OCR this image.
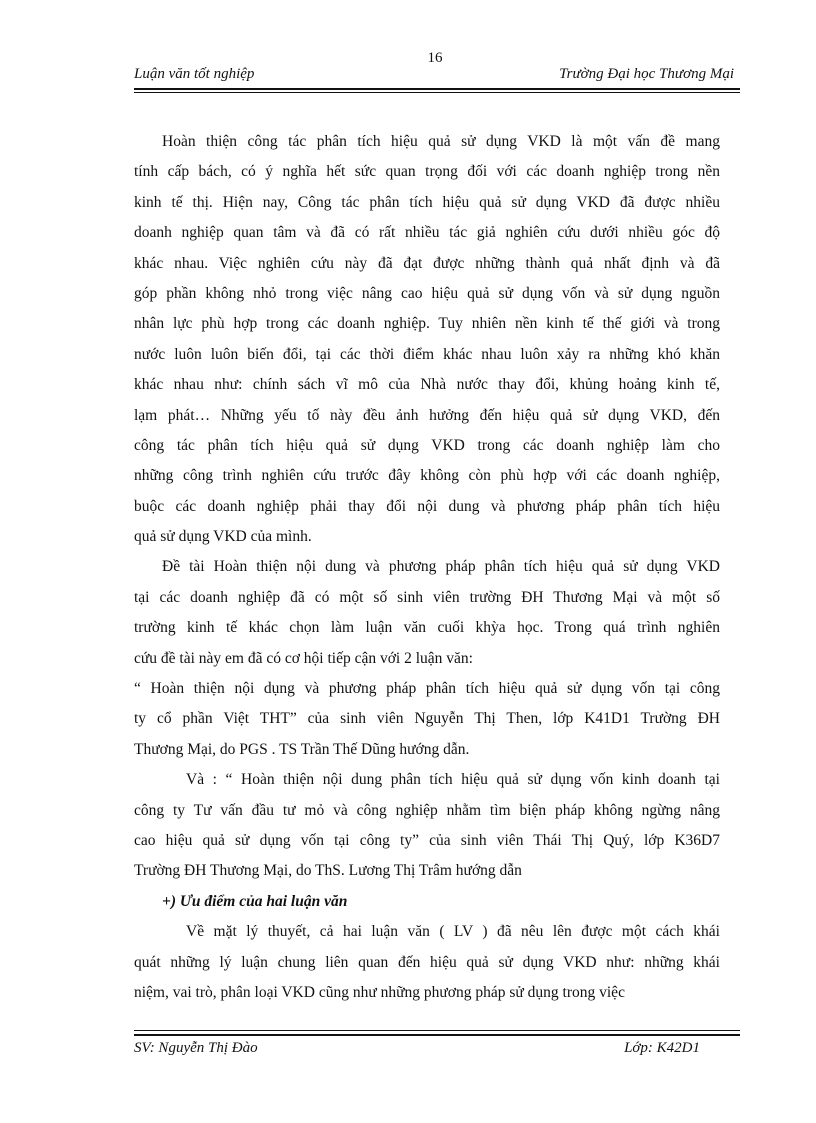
16
Luận văn tốt nghiệp	Trường Đại học Thương Mại
Hoàn thiện công tác phân tích hiệu quả sử dụng VKD là một vấn đề mang
tính cấp bách, có ý nghĩa hết sức quan trọng đối với các doanh nghiệp trong nền
kinh tế thị. Hiện nay, Công tác phân tích hiệu quả sử dụng VKD đã được nhiều
doanh nghiệp quan tâm và đã có rất nhiều tác giả nghiên cứu dưới nhiều góc độ
khác nhau. Việc nghiên cứu này đã đạt được những thành quả nhất định và đã
góp phần không nhỏ trong việc nâng cao hiệu quả sử dụng vốn và sử dụng nguồn
nhân lực phù hợp trong các doanh nghiệp. Tuy nhiên nền kinh tế thế giới và trong
nước luôn luôn biến đổi, tại các thời điểm khác nhau luôn xảy ra những khó khăn
khác nhau như: chính sách vĩ mô của Nhà nước thay đổi, khủng hoảng kinh tế,
lạm phát… Những yếu tố này đều ảnh hưởng đến hiệu quả sử dụng VKD, đến
công tác phân tích hiệu quả sử dụng VKD trong các doanh nghiệp làm cho
những công trình nghiên cứu trước đây không còn phù hợp với các doanh nghiệp,
buộc các doanh nghiệp phải thay đổi nội dung và phương pháp phân tích hiệu
quả sử dụng VKD của mình.
Đề tài Hoàn thiện nội dung và phương pháp phân tích hiệu quả sử dụng VKD
tại các doanh nghiệp đã có một số sinh viên trường ĐH Thương Mại và một số
trường kinh tế khác chọn làm luận văn cuối khỳa học. Trong quá trình nghiên
cứu đề tài này em đã có cơ hội tiếp cận với 2 luận văn:
“ Hoàn thiện nội dụng và phương pháp phân tích hiệu quả sử dụng vốn tại công
ty cổ phần Việt THT” của sinh viên Nguyễn Thị Then, lớp K41D1 Trường ĐH
Thương Mại, do PGS . TS Trần Thế Dũng hướng dẫn.
Và : “ Hoàn thiện nội dung phân tích hiệu quả sử dụng vốn kinh doanh tại
công ty Tư vấn đầu tư mỏ và công nghiệp nhằm tìm biện pháp không ngừng nâng
cao hiệu quả sử dụng vốn tại công ty” của sinh viên Thái Thị Quý, lớp K36D7
Trường ĐH Thương Mại, do ThS. Lương Thị Trâm hướng dẫn
+) Ưu điểm của hai luận văn
Về mặt lý thuyết, cả hai luận văn ( LV ) đã nêu lên được một cách khái
quát những lý luận chung liên quan đến hiệu quả sử dụng VKD như: những khái
niệm, vai trò, phân loại VKD cũng như những phương pháp sử dụng trong việc
SV: Nguyễn Thị Đào	Lớp: K42D1
